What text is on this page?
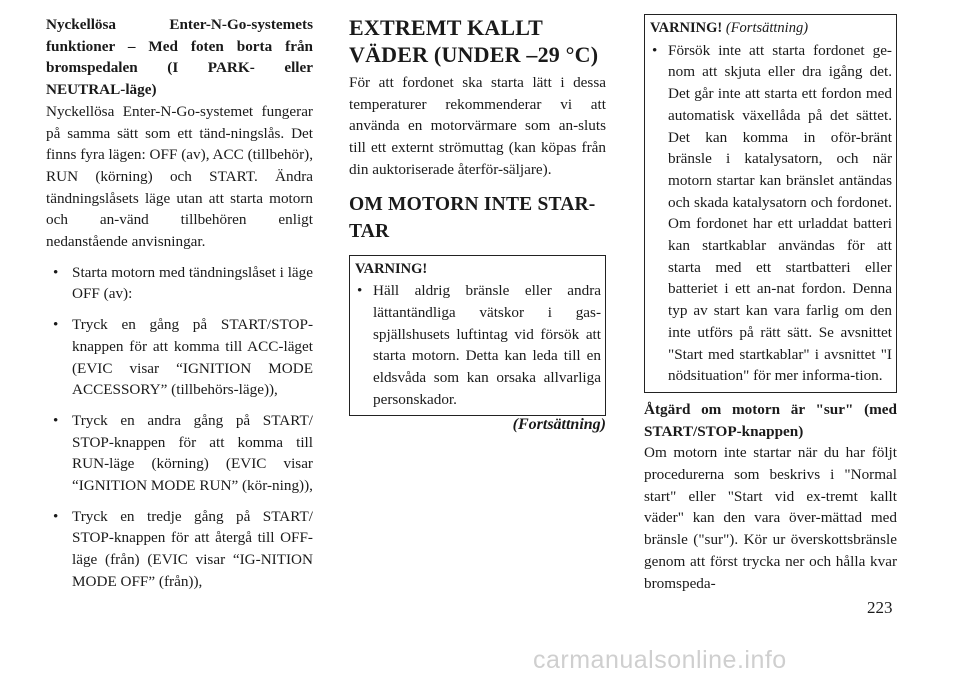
Nyckellösa Enter-N-Go-systemets funktioner – Med foten borta från bromspedalen (I PARK- eller NEUTRAL-läge)

Nyckellösa Enter-N-Go-systemet fungerar på samma sätt som ett tänd-ningslås. Det finns fyra lägen: OFF (av), ACC (tillbehör), RUN (körning) och START. Ändra tändningslåsets läge utan att starta motorn och an-vänd tillbehören enligt nedanstående anvisningar.

• Starta motorn med tändningslåset i läge OFF (av):
• Tryck en gång på START/STOP-knappen för att komma till ACC-läget (EVIC visar “IGNITION MODE ACCESSORY” (tillbehörs-läge)),
• Tryck en andra gång på START/ STOP-knappen för att komma till RUN-läge (körning) (EVIC visar “IGNITION MODE RUN” (kör-ning)),
• Tryck en tredje gång på START/ STOP-knappen för att återgå till OFF-läge (från) (EVIC visar “IG-NITION MODE OFF” (från)),
EXTREMT KALLT VÄDER (UNDER –29 °C)

För att fordonet ska starta lätt i dessa temperaturer rekommenderar vi att använda en motorvärmare som an-sluts till ett externt strömuttag (kan köpas från din auktoriserade återför-säljare).

OM MOTORN INTE STAR-TAR

VARNING!

• Häll aldrig bränsle eller andra lättantändliga vätskor i gas-spjällshusets luftintag vid försök att starta motorn. Detta kan leda till en eldsvåda som kan orsaka allvarliga personskador.

(Fortsättning)

VARNING! (Fortsättning)

• Försök inte att starta fordonet ge-nom att skjuta eller dra igång det. Det går inte att starta ett fordon med automatisk växellåda på det sättet. Det kan komma in oför-bränt bränsle i katalysatorn, och när motorn startar kan bränslet antändas och skada katalysatorn och fordonet. Om fordonet har ett urladdat batteri kan startkablar användas för att starta med ett startbatteri eller batteriet i ett an-nat fordon. Denna typ av start kan vara farlig om den inte utförs på rätt sätt. Se avsnittet "Start med startkablar" i avsnittet "I nödsituation" för mer informa-tion.

Åtgärd om motorn är "sur" (med START/STOP-knappen)

Om motorn inte startar när du har följt procedurerna som beskrivs i "Normal start" eller "Start vid ex-tremt kallt väder" kan den vara över-mättad med bränsle ("sur"). Kör ur överskottsbränsle genom att först trycka ner och hålla kvar bromspeda-

223
carmanualsonline.info
